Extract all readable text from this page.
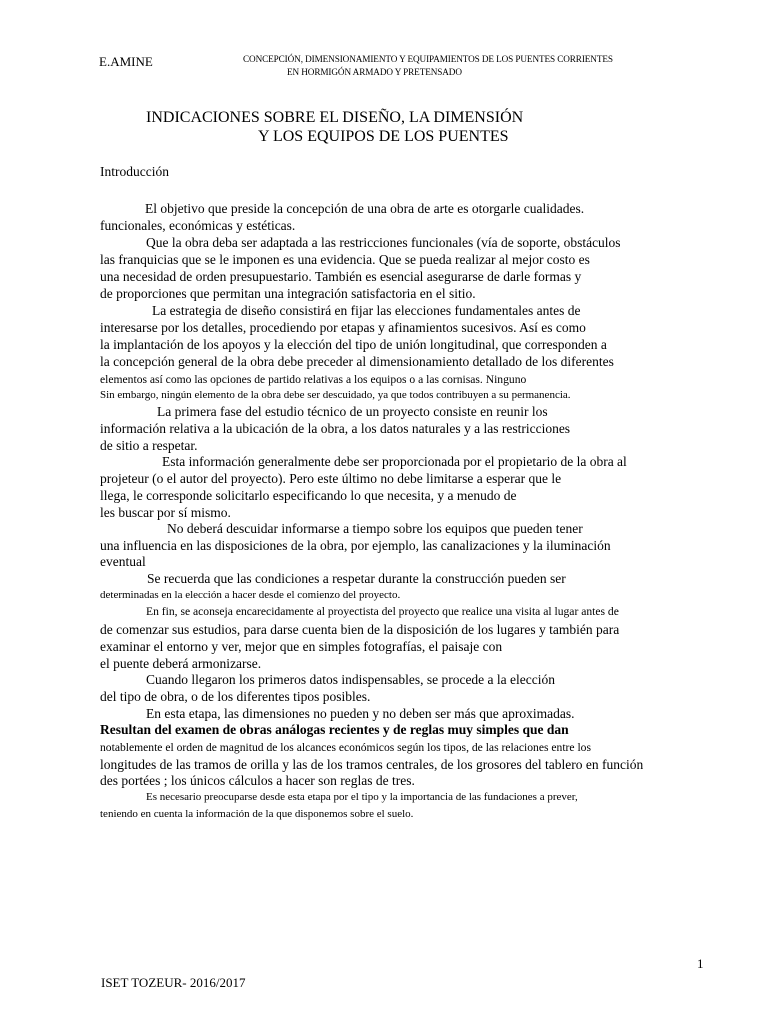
E.AMINE	CONCEPCIÓN, DIMENSIONAMIENTO Y EQUIPAMIENTOS DE LOS PUENTES CORRIENTES
EN HORMIGÓN ARMADO Y PRETENSADO
INDICACIONES SOBRE EL DISEÑO, LA DIMENSIÓN
Y LOS EQUIPOS DE LOS PUENTES
Introducción
El objetivo que preside la concepción de una obra de arte es otorgarle cualidades.
funcionales, económicas y estéticas.
Que la obra deba ser adaptada a las restricciones funcionales (vía de soporte, obstáculos
las franquicias que se le imponen es una evidencia. Que se pueda realizar al mejor costo es
una necesidad de orden presupuestario. También es esencial asegurarse de darle formas y
de proporciones que permitan una integración satisfactoria en el sitio.
La estrategia de diseño consistirá en fijar las elecciones fundamentales antes de
interesarse por los detalles, procediendo por etapas y afinamientos sucesivos. Así es como
la implantación de los apoyos y la elección del tipo de unión longitudinal, que corresponden a
la concepción general de la obra debe preceder al dimensionamiento detallado de los diferentes
elementos así como las opciones de partido relativas a los equipos o a las cornisas. Ninguno
Sin embargo, ningún elemento de la obra debe ser descuidado, ya que todos contribuyen a su permanencia.
La primera fase del estudio técnico de un proyecto consiste en reunir los
información relativa a la ubicación de la obra, a los datos naturales y a las restricciones
de sitio a respetar.
Esta información generalmente debe ser proporcionada por el propietario de la obra al
projeteur (o el autor del proyecto). Pero este último no debe limitarse a esperar que le
llega, le corresponde solicitarlo especificando lo que necesita, y a menudo de
les buscar por sí mismo.
No deberá descuidar informarse a tiempo sobre los equipos que pueden tener
una influencia en las disposiciones de la obra, por ejemplo, las canalizaciones y la iluminación
eventual
Se recuerda que las condiciones a respetar durante la construcción pueden ser
determinadas en la elección a hacer desde el comienzo del proyecto.
En fin, se aconseja encarecidamente al proyectista del proyecto que realice una visita al lugar antes de
de comenzar sus estudios, para darse cuenta bien de la disposición de los lugares y también para
examinar el entorno y ver, mejor que en simples fotografías, el paisaje con
el puente deberá armonizarse.
Cuando llegaron los primeros datos indispensables, se procede a la elección
del tipo de obra, o de los diferentes tipos posibles.
En esta etapa, las dimensiones no pueden y no deben ser más que aproximadas.
Resultan del examen de obras análogas recientes y de reglas muy simples que dan
notablemente el orden de magnitud de los alcances económicos según los tipos, de las relaciones entre los
longitudes de las tramos de orilla y las de los tramos centrales, de los grosores del tablero en función
des portées ; los únicos cálculos a hacer son reglas de tres.
Es necesario preocuparse desde esta etapa por el tipo y la importancia de las fundaciones a prever,
teniendo en cuenta la información de la que disponemos sobre el suelo.
1
ISET TOZEUR- 2016/2017
